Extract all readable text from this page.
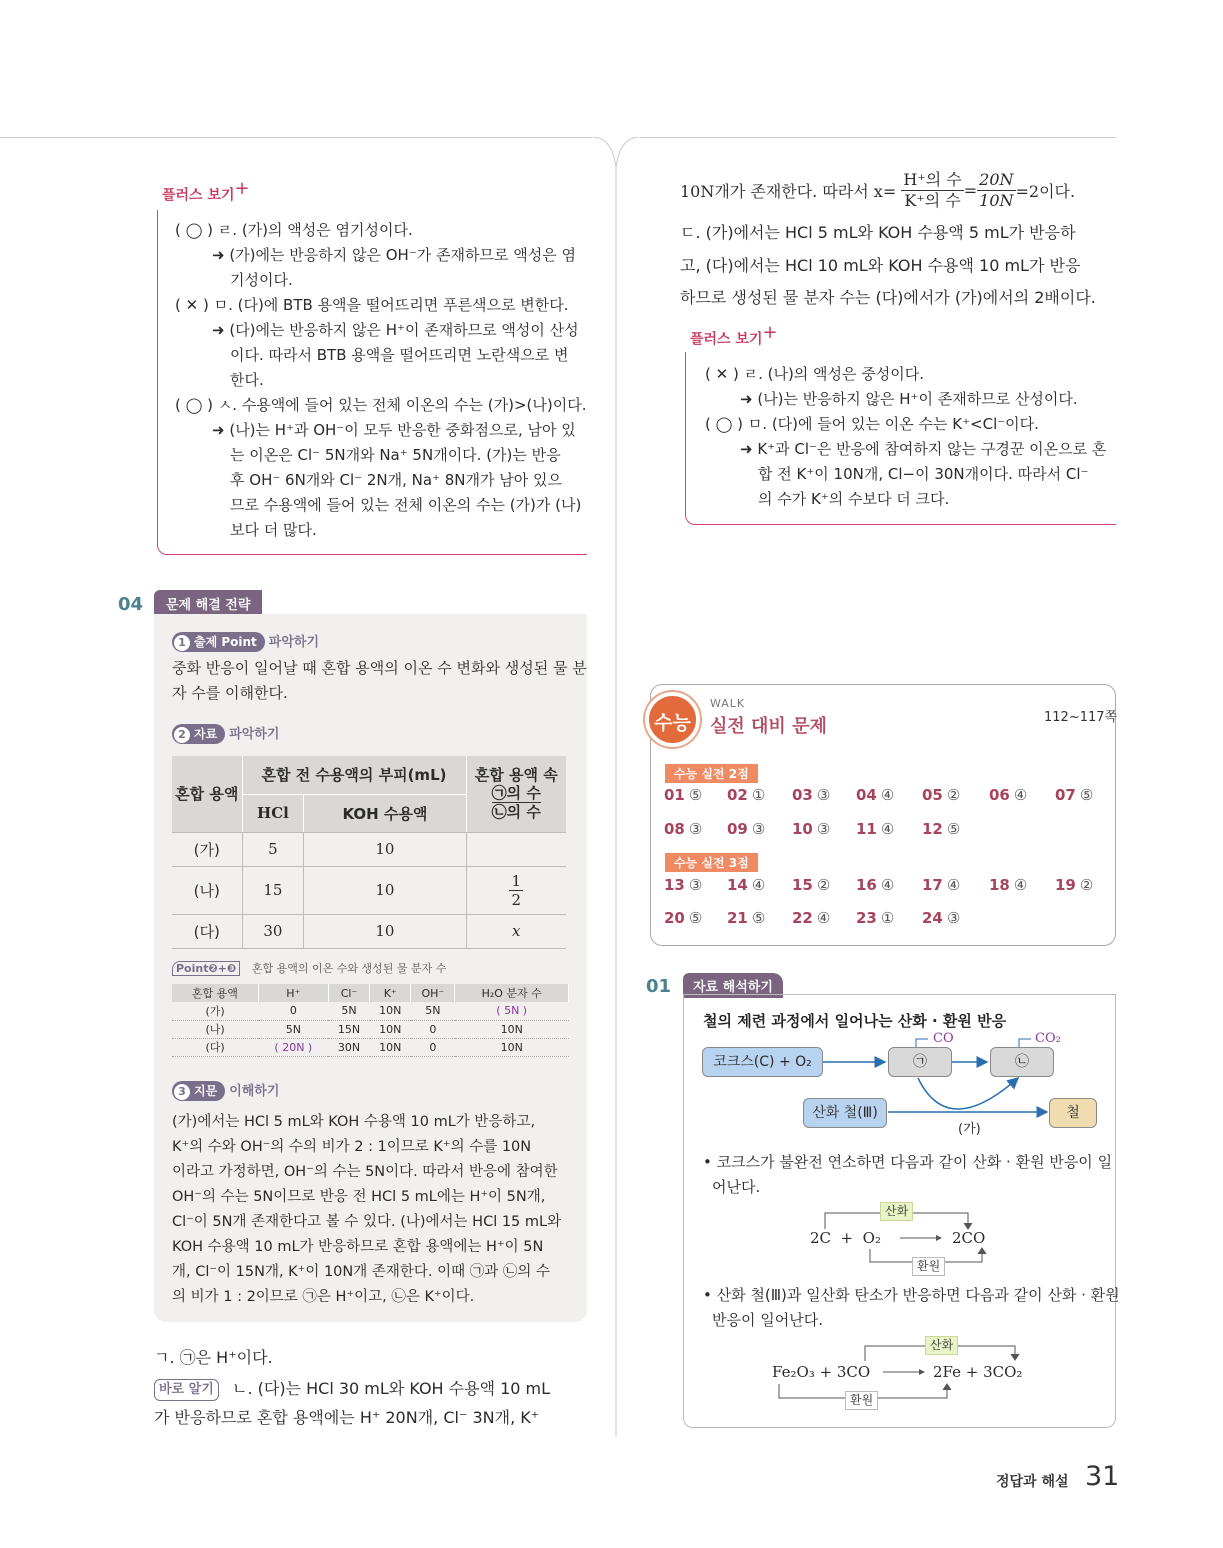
플러스 보기+
( ◯ ) ㄹ. (가)의 액성은 염기성이다.
➜ (가)에는 반응하지 않은 OH⁻가 존재하므로 액성은 염
기성이다.
( ✕ ) ㅁ. (다)에 BTB 용액을 떨어뜨리면 푸른색으로 변한다.
➜ (다)에는 반응하지 않은 H⁺이 존재하므로 액성이 산성
이다. 따라서 BTB 용액을 떨어뜨리면 노란색으로 변
한다.
( ◯ ) ㅅ. 수용액에 들어 있는 전체 이온의 수는 (가)>(나)이다.
➜ (나)는 H⁺과 OH⁻이 모두 반응한 중화점으로, 남아 있
는 이온은 Cl⁻ 5N개와 Na⁺ 5N개이다. (가)는 반응
후 OH⁻ 6N개와 Cl⁻ 2N개, Na⁺ 8N개가 남아 있으
므로 수용액에 들어 있는 전체 이온의 수는 (가)가 (나)
보다 더 많다.
04	문제 해결 전략
1 출제 Point 파악하기
중화 반응이 일어날 때 혼합 용액의 이온 수 변화와 생성된 물 분
자 수를 이해한다.
2 자료 파악하기
혼합 용액	혼합 전 수용액의 부피(mL)		혼합 용액 속
㉠의 수
㉡의 수

	HCl	KOH 수용액	
(가)	5	10	
(나)	15	10	$\frac{1}{2}$

(다)	30	10	x
Point❷+❸ 혼합 용액의 이온 수와 생성된 물 분자 수
혼합 용액	H⁺	Cl⁻	K⁺	OH⁻	H₂O 분자 수
(가)	0	5N	10N	5N	( 5N )
(나)	5N	15N	10N	0	10N
(다)	( 20N )	30N	10N	0	10N
3 지문 이해하기
(가)에서는 HCl 5 mL와 KOH 수용액 10 mL가 반응하고,
K⁺의 수와 OH⁻의 수의 비가 2 : 1이므로 K⁺의 수를 10N
이라고 가정하면, OH⁻의 수는 5N이다. 따라서 반응에 참여한
OH⁻의 수는 5N이므로 반응 전 HCl 5 mL에는 H⁺이 5N개,
Cl⁻이 5N개 존재한다고 볼 수 있다. (나)에서는 HCl 15 mL와
KOH 수용액 10 mL가 반응하므로 혼합 용액에는 H⁺이 5N
개, Cl⁻이 15N개, K⁺이 10N개 존재한다. 이때 ㉠과 ㉡의 수
의 비가 1 : 2이므로 ㉠은 H⁺이고, ㉡은 K⁺이다.
ㄱ. ㉠은 H⁺이다.
바로 알기	ㄴ. (다)는 HCl 30 mL와 KOH 수용액 10 mL
가 반응하므로 혼합 용액에는 H⁺ 20N개, Cl⁻ 3N개, K⁺
10N개가 존재한다. 따라서 x=
H⁺의 수
K⁺의 수
= $\frac{20N}{10N} =2$이다.
ㄷ. (가)에서는 HCl 5 mL와 KOH 수용액 5 mL가 반응하
고, (다)에서는 HCl 10 mL와 KOH 수용액 10 mL가 반응
하므로 생성된 물 분자 수는 (다)에서가 (가)에서의 2배이다.
플러스 보기+
( ✕ ) ㄹ. (나)의 액성은 중성이다.
➜ (나)는 반응하지 않은 H⁺이 존재하므로 산성이다.
( ◯ ) ㅁ. (다)에 들어 있는 이온 수는 K⁺<Cl⁻이다.
➜ K⁺과 Cl⁻은 반응에 참여하지 않는 구경꾼 이온으로 혼
합 전 K⁺이 10N개, Cl−이 30N개이다. 따라서 Cl⁻
의 수가 K⁺의 수보다 더 크다.
수능
WALK
실전 대비 문제	112~117쪽
수능 실전 2점
수능 실전 3점
01 ⑤ 02 ① 03 ③ 04 ④ 05 ② 06 ④ 07 ⑤
08 ③ 09 ③ 10 ③ 11 ④ 12 ⑤
13 ③ 14 ④ 15 ② 16 ④ 17 ④ 18 ④ 19 ②
20 ⑤ 21 ⑤ 22 ④ 23 ① 24 ③
01	자료 해석하기
철의 제련 과정에서 일어나는 산화 · 환원 반응
코크스(C) + O₂	㉠	㉡
CO	CO₂
산화 철(Ⅲ)	철
(가)
• 코크스가 불완전 연소하면 다음과 같이 산화 · 환원 반응이 일
어난다.
산화
2C  +  O₂	2CO
환원
• 산화 철(Ⅲ)과 일산화 탄소가 반응하면 다음과 같이 산화 · 환원
반응이 일어난다.
산화
Fe₂O₃ + 3CO	2Fe + 3CO₂
환원
정답과 해설 31
